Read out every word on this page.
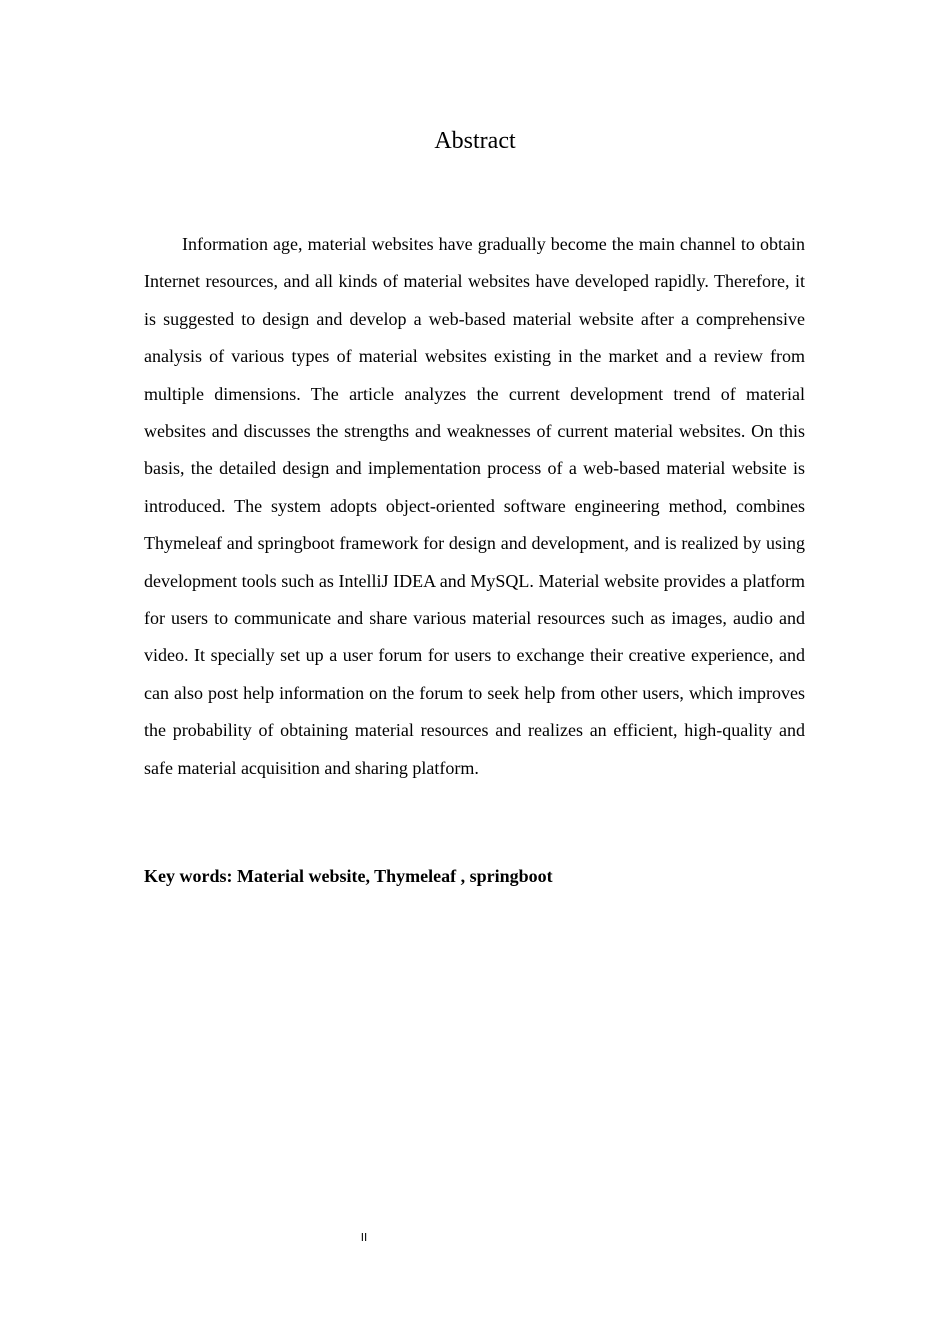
Abstract

Information age, material websites have gradually become the main channel to obtain Internet resources, and all kinds of material websites have developed rapidly. Therefore, it is suggested to design and develop a web-based material website after a comprehensive analysis of various types of material websites existing in the market and a review from multiple dimensions. The article analyzes the current development trend of material websites and discusses the strengths and weaknesses of current material websites. On this basis, the detailed design and implementation process of a web-based material website is introduced. The system adopts object-oriented software engineering method, combines Thymeleaf and springboot framework for design and development, and is realized by using development tools such as IntelliJ IDEA and MySQL. Material website provides a platform for users to communicate and share various material resources such as images, audio and video. It specially set up a user forum for users to exchange their creative experience, and can also post help information on the forum to seek help from other users, which improves the probability of obtaining material resources and realizes an efficient, high-quality and safe material acquisition and sharing platform.

Key words: Material website, Thymeleaf , springboot

II
